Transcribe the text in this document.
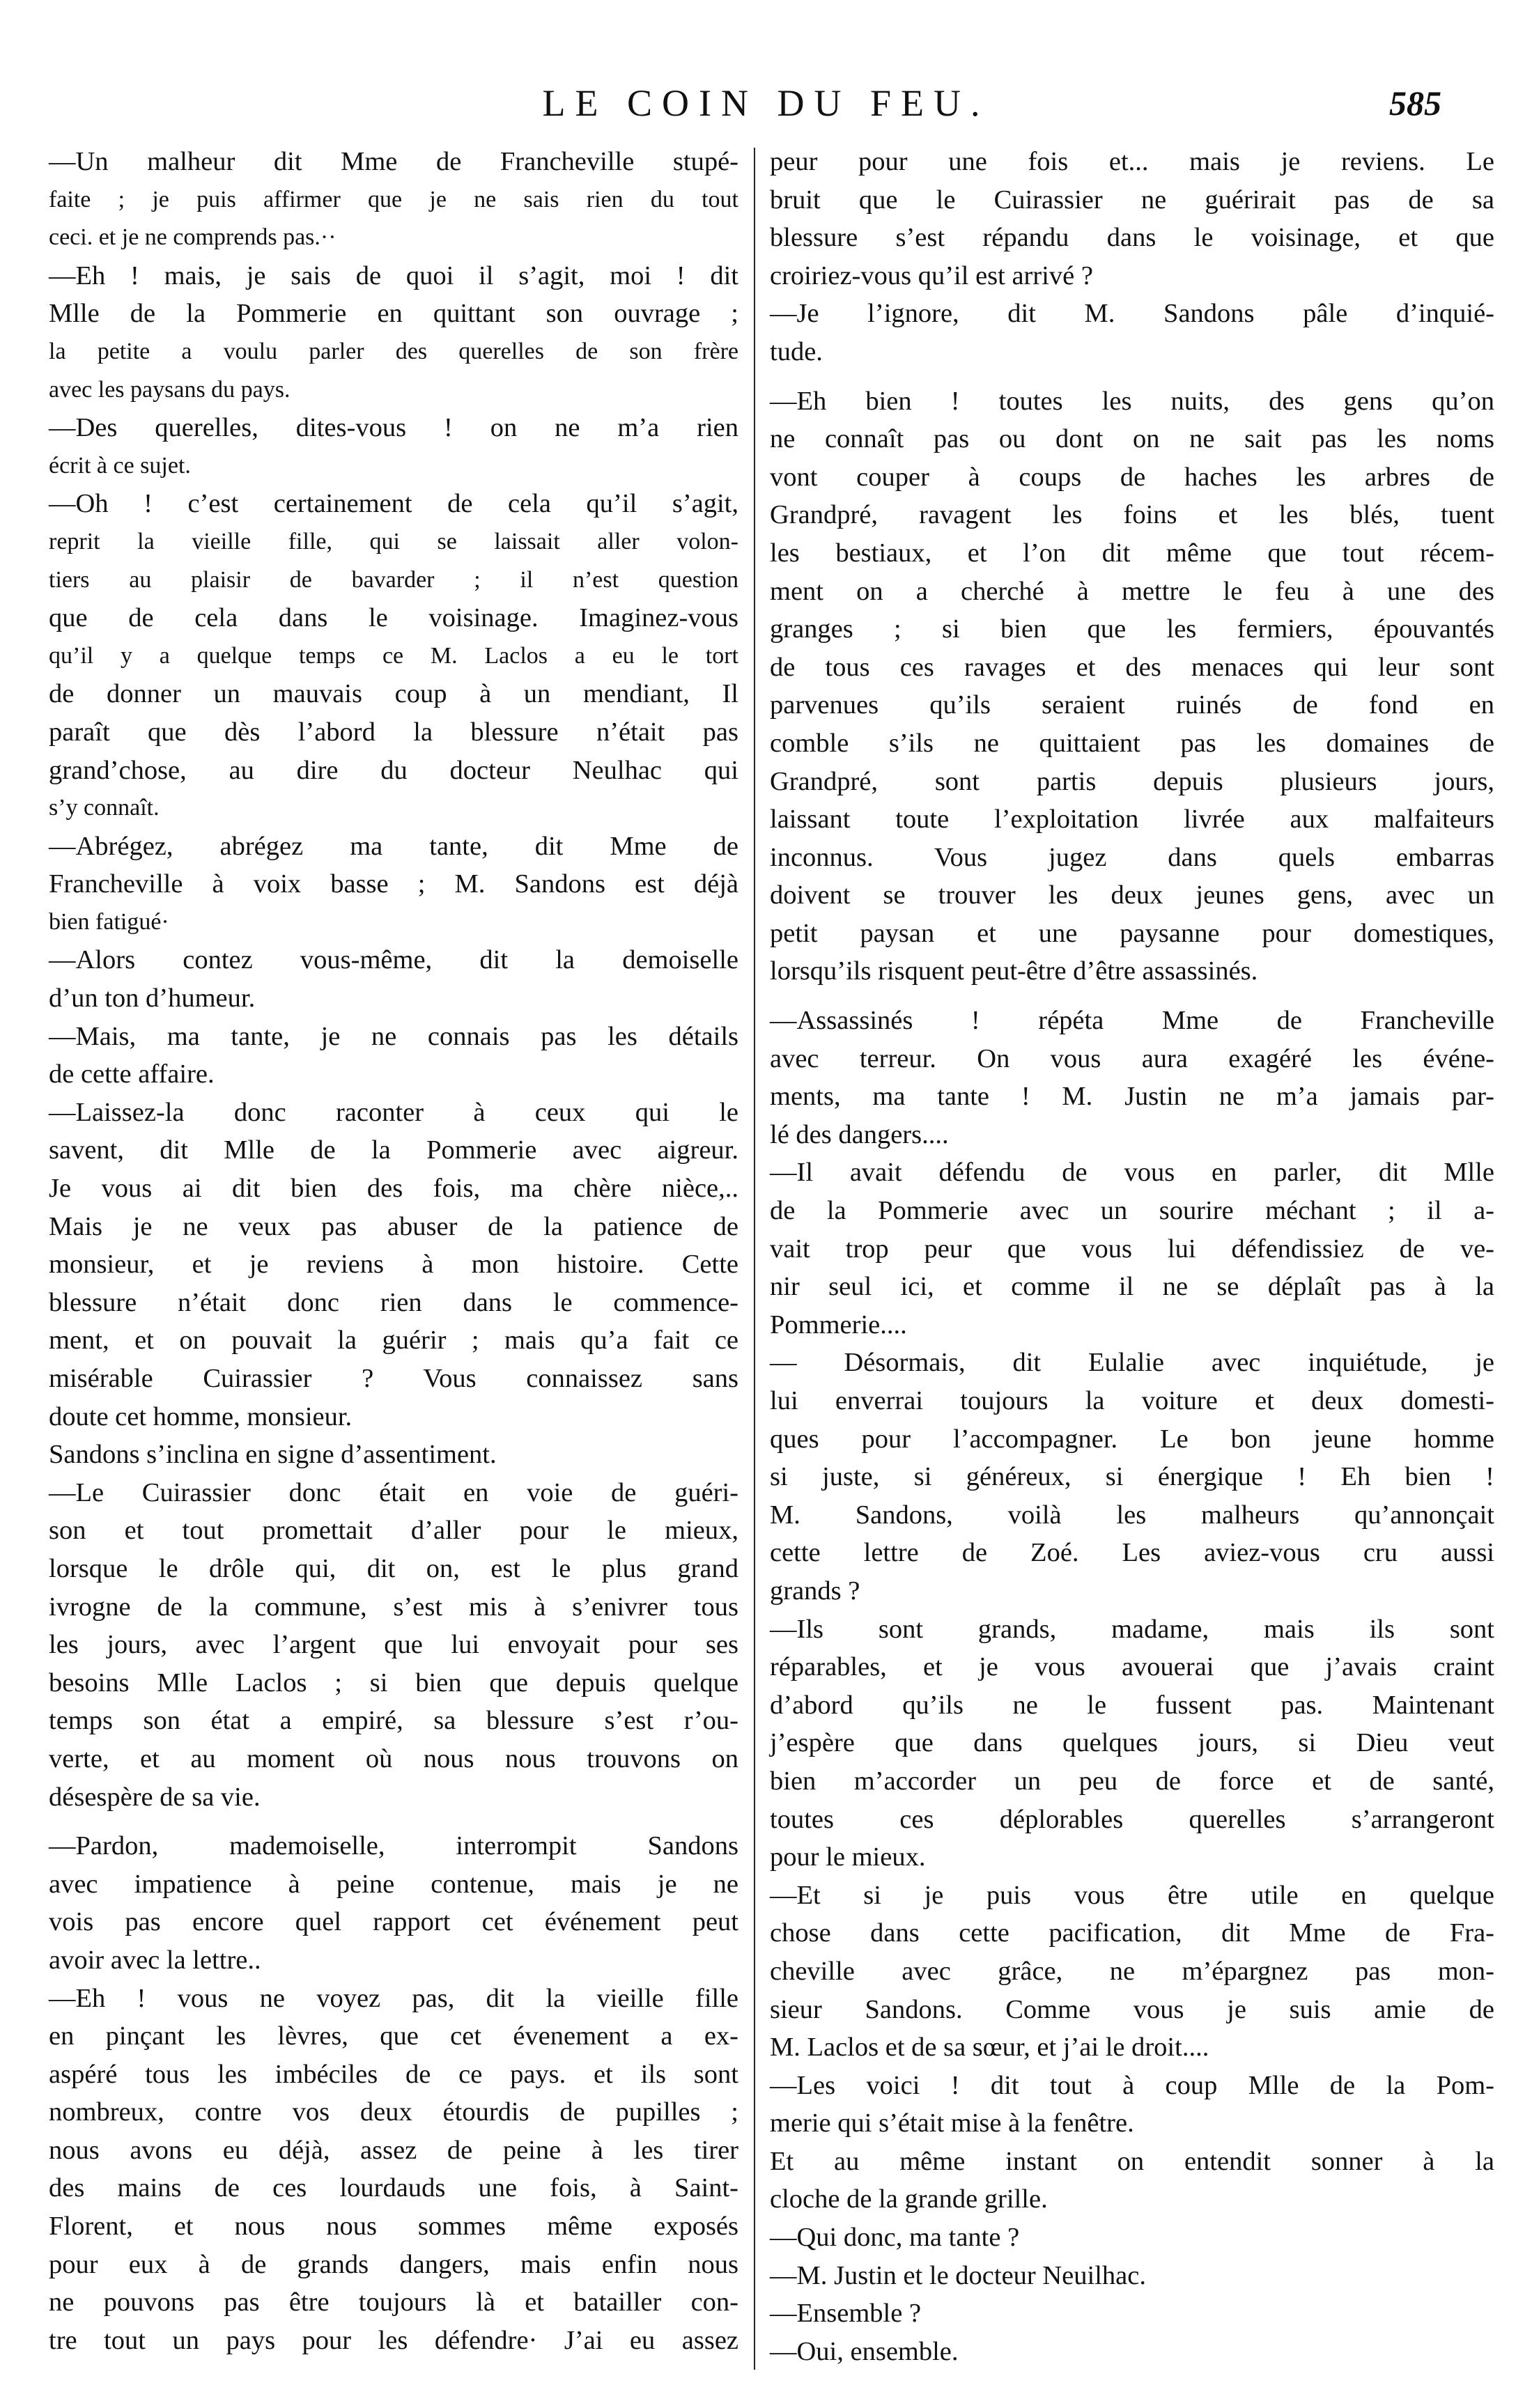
LE COIN DU FEU.	585
—Un malheur dit Mme de Francheville stupé-
faite ; je puis affirmer que je ne sais rien du tout
ceci. et je ne comprends pas.··
—Eh ! mais, je sais de quoi il s’agit, moi ! dit
Mlle de la Pommerie en quittant son ouvrage ;
la petite a voulu parler des querelles de son frère
avec les paysans du pays.
—Des querelles, dites-vous ! on ne m’a rien
écrit à ce sujet.
—Oh ! c’est certainement de cela qu’il s’agit,
reprit la vieille fille, qui se laissait aller volon-
tiers au plaisir de bavarder ; il n’est question
que de cela dans le voisinage. Imaginez-vous
qu’il y a quelque temps ce M. Laclos a eu le tort
de donner un mauvais coup à un mendiant, Il
paraît que dès l’abord la blessure n’était pas
grand’chose, au dire du docteur Neulhac qui
s’y connaît.
—Abrégez, abrégez ma tante, dit Mme de
Francheville à voix basse ; M. Sandons est déjà
bien fatigué·
—Alors contez vous-même, dit la demoiselle
d’un ton d’humeur.
—Mais, ma tante, je ne connais pas les détails
de cette affaire.
—Laissez-la donc raconter à ceux qui le
savent, dit Mlle de la Pommerie avec aigreur.
Je vous ai dit bien des fois, ma chère nièce,..
Mais je ne veux pas abuser de la patience de
monsieur, et je reviens à mon histoire. Cette
blessure n’était donc rien dans le commence-
ment, et on pouvait la guérir ; mais qu’a fait ce
misérable Cuirassier ? Vous connaissez sans
doute cet homme, monsieur.
Sandons s’inclina en signe d’assentiment.
—Le Cuirassier donc était en voie de guéri-
son et tout promettait d’aller pour le mieux,
lorsque le drôle qui, dit on, est le plus grand
ivrogne de la commune, s’est mis à s’enivrer tous
les jours, avec l’argent que lui envoyait pour ses
besoins Mlle Laclos ; si bien que depuis quelque
temps son état a empiré, sa blessure s’est r’ou-
verte, et au moment où nous nous trouvons on
désespère de sa vie.
—Pardon, mademoiselle, interrompit Sandons
avec impatience à peine contenue, mais je ne
vois pas encore quel rapport cet événement peut
avoir avec la lettre..
—Eh ! vous ne voyez pas, dit la vieille fille
en pinçant les lèvres, que cet évenement a ex-
aspéré tous les imbéciles de ce pays. et ils sont
nombreux, contre vos deux étourdis de pupilles ;
nous avons eu déjà, assez de peine à les tirer
des mains de ces lourdauds une fois, à Saint-
Florent, et nous nous sommes même exposés
pour eux à de grands dangers, mais enfin nous
ne pouvons pas être toujours là et batailler con-
tre tout un pays pour les défendre· J’ai eu assez
peur pour une fois et... mais je reviens. Le
bruit que le Cuirassier ne guérirait pas de sa
blessure s’est répandu dans le voisinage, et que
croiriez-vous qu’il est arrivé ?
—Je l’ignore, dit M. Sandons pâle d’inquié-
tude.
—Eh bien ! toutes les nuits, des gens qu’on
ne connaît pas ou dont on ne sait pas les noms
vont couper à coups de haches les arbres de
Grandpré, ravagent les foins et les blés, tuent
les bestiaux, et l’on dit même que tout récem-
ment on a cherché à mettre le feu à une des
granges ; si bien que les fermiers, épouvantés
de tous ces ravages et des menaces qui leur sont
parvenues qu’ils seraient ruinés de fond en
comble s’ils ne quittaient pas les domaines de
Grandpré, sont partis depuis plusieurs jours,
laissant toute l’exploitation livrée aux malfaiteurs
inconnus. Vous jugez dans quels embarras
doivent se trouver les deux jeunes gens, avec un
petit paysan et une paysanne pour domestiques,
lorsqu’ils risquent peut-être d’être assassinés.
—Assassinés ! répéta Mme de Francheville
avec terreur. On vous aura exagéré les événe-
ments, ma tante ! M. Justin ne m’a jamais par-
lé des dangers....
—Il avait défendu de vous en parler, dit Mlle
de la Pommerie avec un sourire méchant ; il a-
vait trop peur que vous lui défendissiez de ve-
nir seul ici, et comme il ne se déplaît pas à la
Pommerie....
— Désormais, dit Eulalie avec inquiétude, je
lui enverrai toujours la voiture et deux domesti-
ques pour l’accompagner. Le bon jeune homme
si juste, si généreux, si énergique ! Eh bien !
M. Sandons, voilà les malheurs qu’annonçait
cette lettre de Zoé. Les aviez-vous cru aussi
grands ?
—Ils sont grands, madame, mais ils sont
réparables, et je vous avouerai que j’avais craint
d’abord qu’ils ne le fussent pas. Maintenant
j’espère que dans quelques jours, si Dieu veut
bien m’accorder un peu de force et de santé,
toutes ces déplorables querelles s’arrangeront
pour le mieux.
—Et si je puis vous être utile en quelque
chose dans cette pacification, dit Mme de Fra-
cheville avec grâce, ne m’épargnez pas mon-
sieur Sandons. Comme vous je suis amie de
M. Laclos et de sa sœur, et j’ai le droit....
—Les voici ! dit tout à coup Mlle de la Pom-
merie qui s’était mise à la fenêtre.
Et au même instant on entendit sonner à la
cloche de la grande grille.
—Qui donc, ma tante ?
—M. Justin et le docteur Neuilhac.
—Ensemble ?
—Oui, ensemble.
